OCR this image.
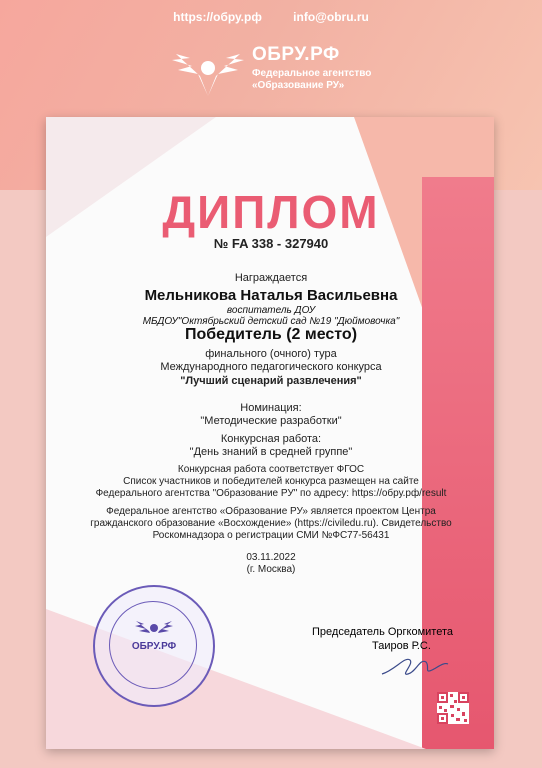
https://обру.рф	info@obru.ru
ОБРУ.РФ
Федеральное агентство
«Образование РУ»
ДИПЛОМ
№ FA 338 - 327940
Награждается
Мельникова Наталья Васильевна
воспитатель ДОУ
МБДОУ"Октябрьский детский сад №19 "Дюймовочка"
Победитель (2 место)
финального (очного) тура
Международного педагогического конкурса
"Лучший сценарий развлечения"
Номинация:
"Методические разработки"
Конкурсная работа:
"День знаний в средней группе"
Конкурсная работа соответствует ФГОС
Список участников и победителей конкурса размещен на сайте
Федерального агентства "Образование РУ" по адресу: https://обру.рф/result
Федеральное агентство «Образование РУ» является проектом Центра
гражданского образование «Восхождение» (https://civiledu.ru). Свидетельство
Роскомнадзора о регистрации СМИ №ФС77-56431
03.11.2022
(г. Москва)
Председатель Оргкомитета
Таиров Р.С.
ОБРУ.РФ
